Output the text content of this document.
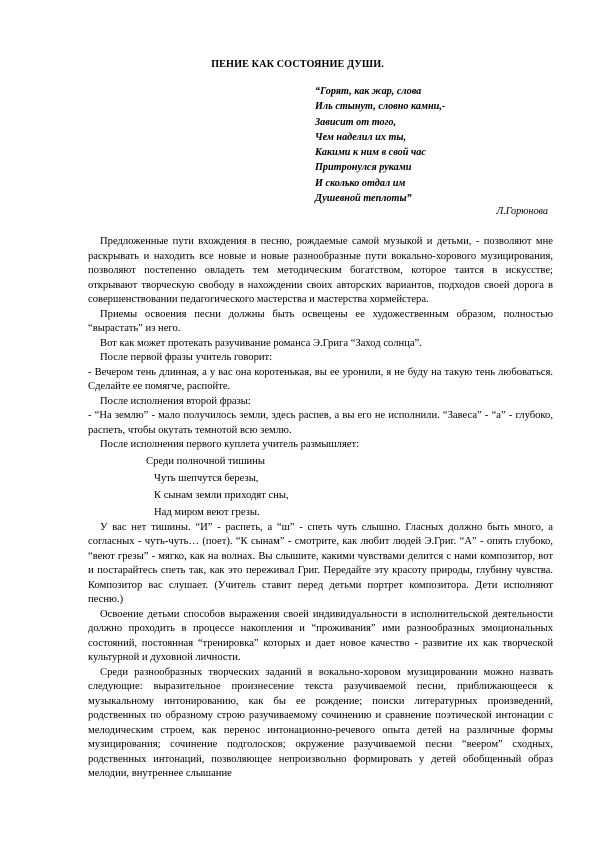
ПЕНИЕ КАК СОСТОЯНИЕ ДУШИ.
“Горят, как жар, слова
Иль стынут, словно камни,-
Зависит от того,
Чем наделил их ты,
Какими к ним в свой час
Притронулся руками
И сколько отдал им
Душевной теплоты”
Л.Горюнова

Предложенные пути вхождения в песню, рождаемые самой музыкой и детьми, - позволяют мне раскрывать и находить все новые и новые разнообразные пути вокально-хорового музицирования, позволяют постепенно овладеть тем методическим богатством, которое таится в искусстве; открывают творческую свободу в нахождении своих авторских вариантов, подходов своей дорога в совершенствовании педагогического мастерства и мастерства хормейстера.

Приемы освоения песни должны быть освещены ее художественным образом, полностью “вырастать” из него.

Вот как может протекать разучивание романса Э.Грига “Заход солнца”.

После первой фразы учитель говорит:

- Вечером тень длинная, а у вас она коротенькая, вы ее уронили, я не буду на такую тень любоваться. Сделайте ее помягче, распойте.

После исполнения второй фразы:

- “На землю” - мало получилось земли, здесь распев, а вы его не исполнили. “Завеса” - “а” - глубоко, распеть, чтобы окутать темнотой всю землю.

После исполнения первого куплета учитель размышляет:

Среди полночной тишины
Чуть шепчутся березы,
К сынам земли приходят сны,
Над миром веют грезы.

У вас нет тишины. “И” - распеть, а “ш” - спеть чуть слышно. Гласных должно быть много, а согласных - чуть-чуть… (поет). “К сынам” - смотрите, как любит людей Э.Григ. “А” - опять глубоко, “веют грезы” - мягко, как на волнах. Вы слышите, какими чувствами делится с нами композитор, вот и постарайтесь спеть так, как это переживал Григ. Передайте эту красоту природы, глубину чувства. Композитор вас слушает. (Учитель ставит перед детьми портрет композитора. Дети исполняют песню.)

Освоение детьми способов выражения своей индивидуальности в исполнительской деятельности должно проходить в процессе накопления и “проживания” ими разнообразных эмоциональных состояний, постоянная “тренировка” которых и дает новое качество - развитие их как творческой культурной и духовной личности.

Среди разнообразных творческих заданий в вокально-хоровом музицировании можно назвать следующие: выразительное произнесение текста разучиваемой песни, приближающееся к музыкальному интонированию, как бы ее рождение; поиски литературных произведений, родственных по образному строю разучиваемому сочинению и сравнение поэтической интонации с мелодическим строем, как перенос интонационно-речевого опыта детей на различные формы музицирования; сочинение подголосков; окружение разучиваемой песни “веером” сходных, родственных интонаций, позволяющее непроизвольно формировать у детей обобщенный образ мелодии, внутреннее слышание
